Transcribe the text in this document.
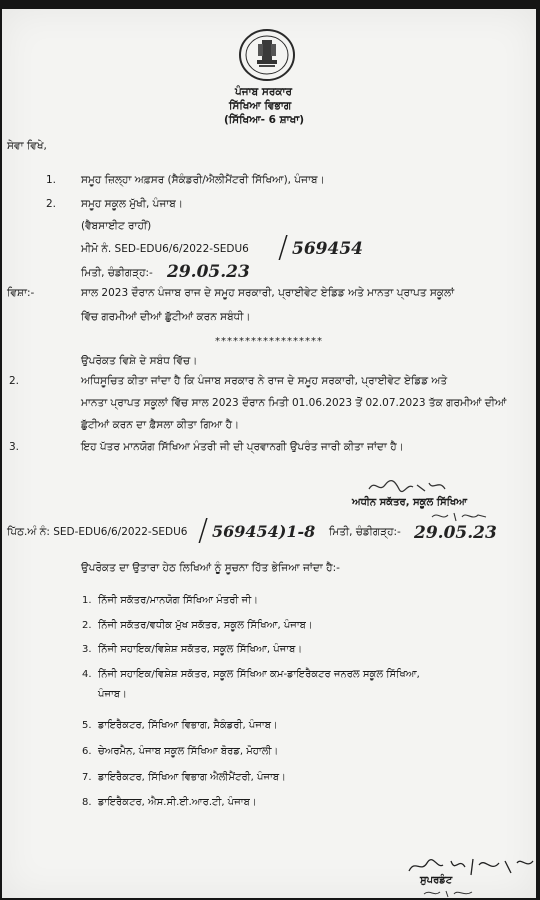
ਪੰਜਾਬ ਸਰਕਾਰ
ਸਿੱਖਿਆ ਵਿਭਾਗ
(ਸਿੱਖਿਆ- 6 ਸ਼ਾਖਾ)
ਸੇਵਾ ਵਿਖੇ,
1. ਸਮੂਹ ਜ਼ਿਲ੍ਹਾ ਅਫ਼ਸਰ (ਸੈਕੰਡਰੀ/ਐਲੀਮੈਂਟਰੀ ਸਿੱਖਿਆ), ਪੰਜਾਬ।
2. ਸਮੂਹ ਸਕੂਲ ਮੁੱਖੀ, ਪੰਜਾਬ।
(ਵੈਬਸਾਈਟ ਰਾਹੀਂ)
ਮੀਮੋ ਨੰ. SED-EDU6/6/2022-SEDU6 / 569454
ਮਿਤੀ, ਚੰਡੀਗੜ੍ਹ:- 29.05.23
ਵਿਸ਼ਾ:-	ਸਾਲ 2023 ਦੌਰਾਨ ਪੰਜਾਬ ਰਾਜ ਦੇ ਸਮੂਹ ਸਰਕਾਰੀ, ਪ੍ਰਾਈਵੇਟ ਏਡਿਡ ਅਤੇ ਮਾਨਤਾ ਪ੍ਰਾਪਤ ਸਕੂਲਾਂ
ਵਿੱਚ ਗਰਮੀਆਂ ਦੀਆਂ ਛੁੱਟੀਆਂ ਕਰਨ ਸਬੰਧੀ।
******************
ਉਪਰੋਕਤ ਵਿਸ਼ੇ ਦੇ ਸਬੰਧ ਵਿੱਚ।
2.	ਅਧਿਸੂਚਿਤ ਕੀਤਾ ਜਾਂਦਾ ਹੈ ਕਿ ਪੰਜਾਬ ਸਰਕਾਰ ਨੇ ਰਾਜ ਦੇ ਸਮੂਹ ਸਰਕਾਰੀ, ਪ੍ਰਾਈਵੇਟ ਏਡਿਡ ਅਤੇ
ਮਾਨਤਾ ਪ੍ਰਾਪਤ ਸਕੂਲਾਂ ਵਿੱਚ ਸਾਲ 2023 ਦੌਰਾਨ ਮਿਤੀ 01.06.2023 ਤੋਂ 02.07.2023 ਤੱਕ ਗਰਮੀਆਂ ਦੀਆਂ
ਛੁੱਟੀਆਂ ਕਰਨ ਦਾ ਫ਼ੈਸਲਾ ਕੀਤਾ ਗਿਆ ਹੈ।
3.	ਇਹ ਪੱਤਰ ਮਾਨਯੋਗ ਸਿੱਖਿਆ ਮੰਤਰੀ ਜੀ ਦੀ ਪ੍ਰਵਾਨਗੀ ਉਪਰੰਤ ਜਾਰੀ ਕੀਤਾ ਜਾਂਦਾ ਹੈ।
ਅਧੀਨ ਸਕੱਤਰ, ਸਕੂਲ ਸਿੱਖਿਆ
ਪਿੱਠ.ਅੰ ਨੰ: SED-EDU6/6/2022-SEDU6 / 569454)1-8 ਮਿਤੀ, ਚੰਡੀਗੜ੍ਹ:- 29.05.23
ਉਪਰੋਕਤ ਦਾ ਉਤਾਰਾ ਹੇਠ ਲਿਖਿਆਂ ਨੂੰ ਸੂਚਨਾ ਹਿੱਤ ਭੇਜਿਆ ਜਾਂਦਾ ਹੈ:-
1. ਨਿੱਜੀ ਸਕੱਤਰ/ਮਾਨਯੋਗ ਸਿੱਖਿਆ ਮੰਤਰੀ ਜੀ।
2. ਨਿੱਜੀ ਸਕੱਤਰ/ਵਧੀਕ ਮੁੱਖ ਸਕੱਤਰ, ਸਕੂਲ ਸਿੱਖਿਆ, ਪੰਜਾਬ।
3. ਨਿੱਜੀ ਸਹਾਇਕ/ਵਿਸ਼ੇਸ਼ ਸਕੱਤਰ, ਸਕੂਲ ਸਿੱਖਿਆ, ਪੰਜਾਬ।
4. ਨਿੱਜੀ ਸਹਾਇਕ/ਵਿਸ਼ੇਸ਼ ਸਕੱਤਰ, ਸਕੂਲ ਸਿੱਖਿਆ ਕਮ-ਡਾਇਰੈਕਟਰ ਜਨਰਲ ਸਕੂਲ ਸਿੱਖਿਆ,
ਪੰਜਾਬ।
5. ਡਾਇਰੈਕਟਰ, ਸਿੱਖਿਆ ਵਿਭਾਗ, ਸੈਕੰਡਰੀ, ਪੰਜਾਬ।
6. ਚੇਅਰਮੈਨ, ਪੰਜਾਬ ਸਕੂਲ ਸਿੱਖਿਆ ਬੋਰਡ, ਮੋਹਾਲੀ।
7. ਡਾਇਰੈਕਟਰ, ਸਿੱਖਿਆ ਵਿਭਾਗ ਐਲੀਮੈਂਟਰੀ, ਪੰਜਾਬ।
8. ਡਾਇਰੈਕਟਰ, ਐਸ.ਸੀ.ਈ.ਆਰ.ਟੀ, ਪੰਜਾਬ।
ਸੁਪਰਡੰਟ
